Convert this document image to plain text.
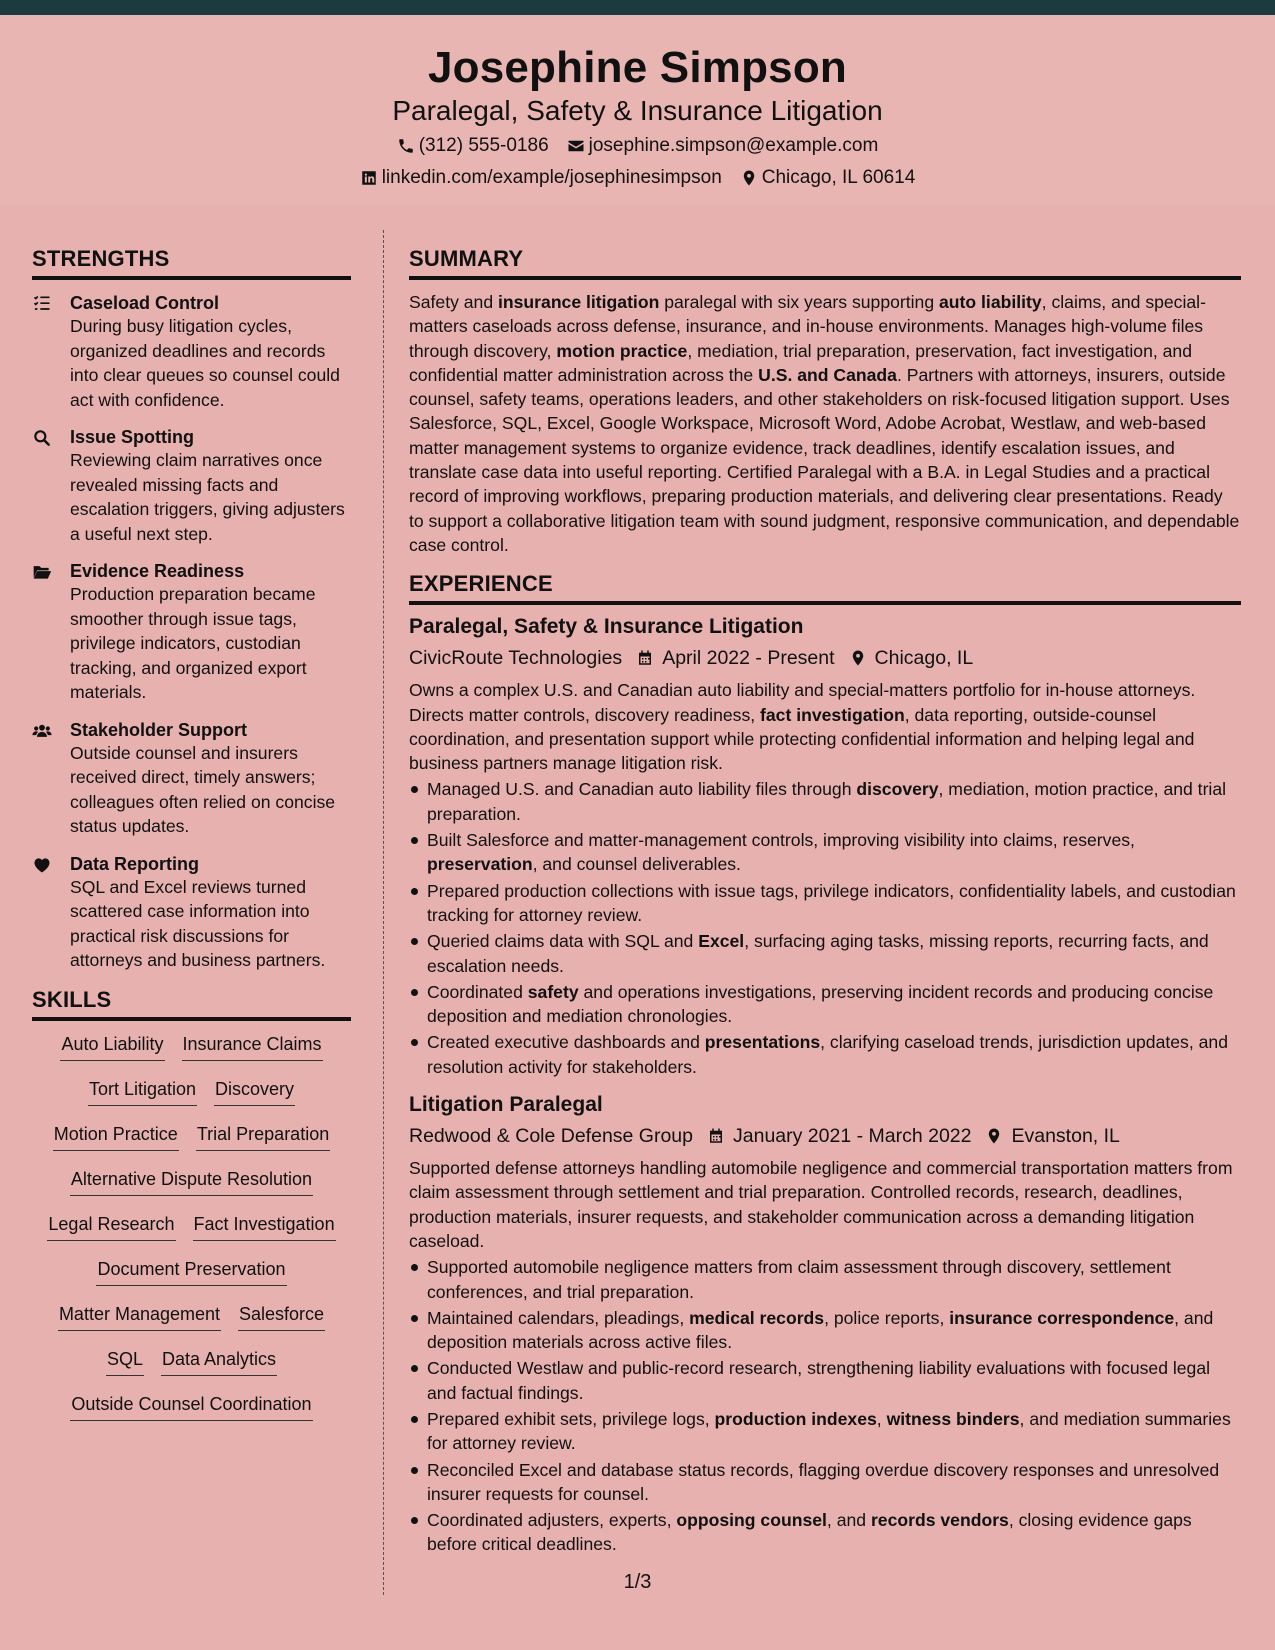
Josephine Simpson
Paralegal, Safety & Insurance Litigation
(312) 555-0186 josephine.simpson@example.com
linkedin.com/example/josephinesimpson Chicago, IL 60614
STRENGTHS
Caseload Control
During busy litigation cycles, organized deadlines and records into clear queues so counsel could act with confidence.
Issue Spotting
Reviewing claim narratives once revealed missing facts and escalation triggers, giving adjusters a useful next step.
Evidence Readiness
Production preparation became smoother through issue tags, privilege indicators, custodian tracking, and organized export materials.
Stakeholder Support
Outside counsel and insurers received direct, timely answers; colleagues often relied on concise status updates.
Data Reporting
SQL and Excel reviews turned scattered case information into practical risk discussions for attorneys and business partners.
SKILLS
Auto Liability Insurance Claims
Tort Litigation Discovery
Motion Practice Trial Preparation
Alternative Dispute Resolution
Legal Research Fact Investigation
Document Preservation
Matter Management Salesforce
SQL Data Analytics
Outside Counsel Coordination
SUMMARY

Safety and insurance litigation paralegal with six years supporting auto liability, claims, and special-matters caseloads across defense, insurance, and in-house environments. Manages high-volume files through discovery, motion practice, mediation, trial preparation, preservation, fact investigation, and confidential matter administration across the U.S. and Canada. Partners with attorneys, insurers, outside counsel, safety teams, operations leaders, and other stakeholders on risk-focused litigation support. Uses Salesforce, SQL, Excel, Google Workspace, Microsoft Word, Adobe Acrobat, Westlaw, and web-based matter management systems to organize evidence, track deadlines, identify escalation issues, and translate case data into useful reporting. Certified Paralegal with a B.A. in Legal Studies and a practical record of improving workflows, preparing production materials, and delivering clear presentations. Ready to support a collaborative litigation team with sound judgment, responsive communication, and dependable case control.

EXPERIENCE
Paralegal, Safety & Insurance Litigation
CivicRoute Technologies April 2022 - Present Chicago, IL

Owns a complex U.S. and Canadian auto liability and special-matters portfolio for in-house attorneys. Directs matter controls, discovery readiness, fact investigation, data reporting, outside-counsel coordination, and presentation support while protecting confidential information and helping legal and business partners manage litigation risk.

Managed U.S. and Canadian auto liability files through discovery, mediation, motion practice, and trial preparation.
Built Salesforce and matter-management controls, improving visibility into claims, reserves, preservation, and counsel deliverables.
Prepared production collections with issue tags, privilege indicators, confidentiality labels, and custodian tracking for attorney review.
Queried claims data with SQL and Excel, surfacing aging tasks, missing reports, recurring facts, and escalation needs.
Coordinated safety and operations investigations, preserving incident records and producing concise deposition and mediation chronologies.
Created executive dashboards and presentations, clarifying caseload trends, jurisdiction updates, and resolution activity for stakeholders.
Litigation Paralegal
Redwood & Cole Defense Group January 2021 - March 2022 Evanston, IL

Supported defense attorneys handling automobile negligence and commercial transportation matters from claim assessment through settlement and trial preparation. Controlled records, research, deadlines, production materials, insurer requests, and stakeholder communication across a demanding litigation caseload.

Supported automobile negligence matters from claim assessment through discovery, settlement conferences, and trial preparation.
Maintained calendars, pleadings, medical records, police reports, insurance correspondence, and deposition materials across active files.
Conducted Westlaw and public-record research, strengthening liability evaluations with focused legal and factual findings.
Prepared exhibit sets, privilege logs, production indexes, witness binders, and mediation summaries for attorney review.
Reconciled Excel and database status records, flagging overdue discovery responses and unresolved insurer requests for counsel.
Coordinated adjusters, experts, opposing counsel, and records vendors, closing evidence gaps before critical deadlines.
1/3
